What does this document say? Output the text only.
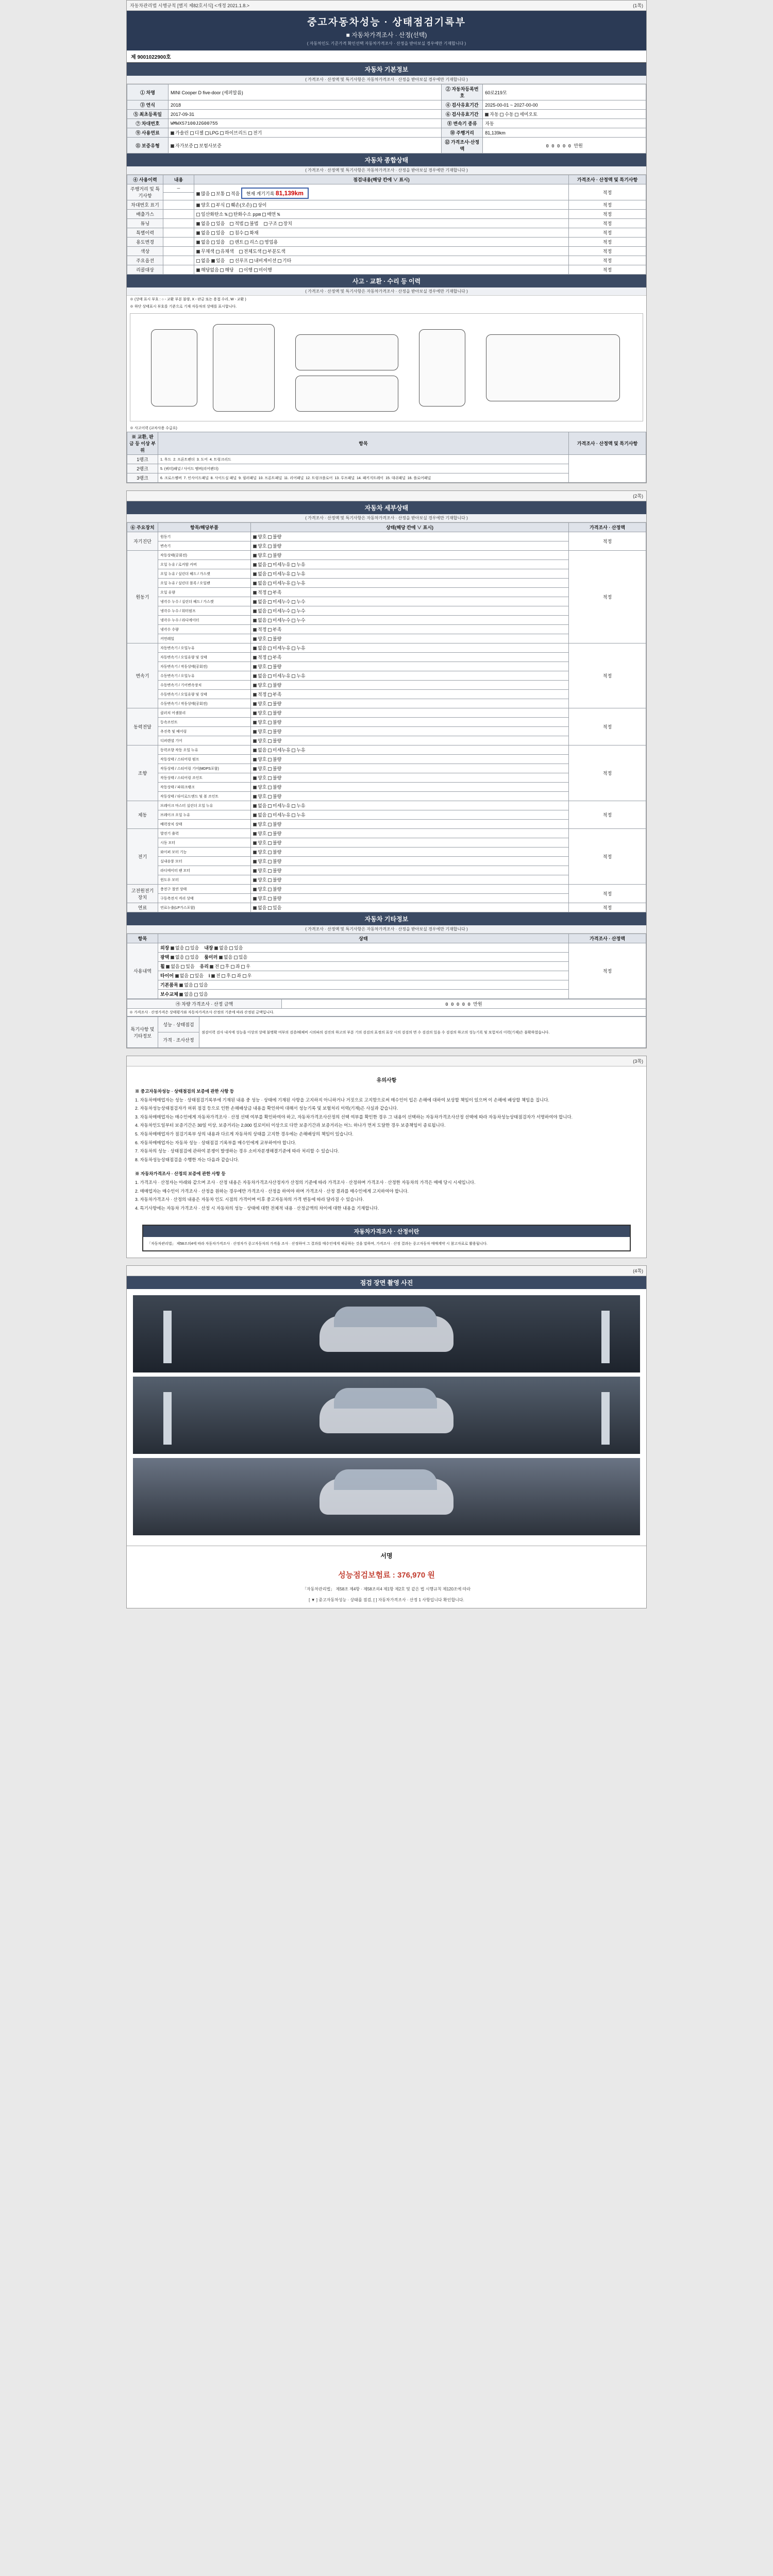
자동차관리법 시행규칙 [별지 제82호서식] <개정 2021.1.8.>	(1쪽)
중고자동차성능 · 상태점검기록부
■ 자동차가격조사 · 산정(선택)
( 자동차인도 기준가격 확인선택 자동차가격조사 · 산정을 받아보실 경우에만 기재합니다 )
제 9001022900호
자동차 기본정보
( 가격조사 · 산정액 및 특기사항은 자동차가격조사 · 산정을 받아보실 경우에만 기재합니다 )
① 차명	MINI Cooper D five-door (세퍼알름)	② 자동차등록번호	60로219모
③ 연식	2018	④ 검사유효기간	2025-00-01 ~ 2027-00-00
⑤ 최초등록일	2017-09-31	⑥ 검사유효기간	자동 수동 세미오토
⑦ 차대번호	WMWXS7100J2G00755	⑧ 변속기 종류	자동
⑨ 사용연료	가솔린 디젤 LPG 하이브리드 전기	⑩ 주행거리	81,139km
⑪ 보증유형	자가보증 보험사보증	⑫ 가격조사·산정액	0 0 0 0 0 만원
자동차 종합상태
( 가격조사 · 산정액 및 특기사항은 자동차가격조사 · 산정을 받아보실 경우에만 기재합니다 )
④ 사용이력	내용	점검내용(해당 칸에 ∨ 표시)	가격조사 · 산정액 및 특기사항
주행거리 및 특기사항	─	많음 보통 적음 현재 계기기록 81,139km	적정

차대번호 표기		양호 부식 훼손(오손) 상이	적정
배출가스		일산화탄소 % 탄화수소 ppm 매연 %	적정
튜닝		없음 있음 적법 불법 구조 장치	적정
특별이력		없음 있음 침수 화재	적정
용도변경		없음 있음 렌트 리스 영업용	적정
색상		무채색 유채색 전체도색 부분도색	적정
주요옵션		없음 있음 선루프 내비게이션 기타	적정
리콜대상		해당없음 해당 이행 미이행	적정
사고 · 교환 · 수리 등 이력
( 가격조사 · 산정액 및 특기사항은 자동차가격조사 · 산정을 받아보실 경우에만 기재합니다 )
※ (상태 표시 부호 : ○ - 교환 부분 불량, X - 판금 또는 용접 수리, W - 교환 )
※ 하단 상태표시 부호를 기준으로 기재 자동차의 상태를 표시합니다.
※ 사고이력 (교차사용 수급요)
※ 교환, 판금 등 이상 부위	항목	가격조사 · 산정액 및 특기사항
1랭크	1. 후드 2. 프론트펜더 3. 도어 4. 트렁크리드	
2랭크	5. (쿼터)패널 / 사이드 멤버(리어펜더)	
3랭크	6. 크로스멤버 7. 인사이드패널 8. 사이드실 패널 9. 필러패널 10. 프론트패널 11. 리어패널 12. 트렁크플로어 13. 루프패널 14. 패키지트레이 15. 대쉬패널 16. 플로어패널	

(2쪽)
자동차 세부상태
( 가격조사 · 산정액 및 특기사항은 자동차가격조사 · 산정을 받아보실 경우에만 기재합니다 )
⑥ 주요장치	항목/해당부품	상태(해당 칸에 ∨ 표시)	가격조사 · 산정액
자기진단	원동기	양호 불량	적정
	변속기	양호 불량	
원동기	작동상태(공회전)	양호 불량	적정
	오일 누유 / 로커암 커버	없음 미세누유 누유	
	오일 누유 / 실린더 헤드 / 가스켓	없음 미세누유 누유	
	오일 누유 / 실린더 블록 / 오일팬	없음 미세누유 누유	
	오일 유량	적정 부족	
	냉각수 누수 / 실린더 헤드 / 가스켓	없음 미세누수 누수	
	냉각수 누수 / 워터펌프	없음 미세누수 누수	
	냉각수 누수 / 라디에이터	없음 미세누수 누수	
	냉각수 수량	적정 부족	
	커먼레일	양호 불량	
변속기	자동변속기 / 오일누유	없음 미세누유 누유	적정
	자동변속기 / 오일유량 및 상태	적정 부족	
	자동변속기 / 작동상태(공회전)	양호 불량	
	수동변속기 / 오일누유	없음 미세누유 누유	
	수동변속기 / 기어변속장치	양호 불량	
	수동변속기 / 오일유량 및 상태	적정 부족	
	수동변속기 / 작동상태(공회전)	양호 불량	
동력전달	클러치 어셈블리	양호 불량	적정
	등속조인트	양호 불량	
	추진축 및 베어링	양호 불량	
	디퍼렌셜 기어	양호 불량	
조향	동력조향 작동 오일 누유	없음 미세누유 누유	적정
	작동상태 / 스티어링 펌프	양호 불량	
	작동상태 / 스티어링 기어(MDPS포함)	양호 불량	
	작동상태 / 스티어링 조인트	양호 불량	
	작동상태 / 파워크랭크	양호 불량	
	작동상태 / 타이로드엔드 및 볼 조인트	양호 불량	
제동	브레이크 마스터 실린더 오일 누유	없음 미세누유 누유	적정
	브레이크 오일 누유	없음 미세누유 누유	
	배력장치 상태	양호 불량	
전기	발전기 출력	양호 불량	적정
	시동 모터	양호 불량	
	와이퍼 모터 기능	양호 불량	
	실내송풍 모터	양호 불량	
	라디에이터 팬 모터	양호 불량	
	윈도우 모터	양호 불량	
고전원전기장치	충전구 절연 상태	양호 불량	적정
	구동축전지 격리 상태	양호 불량	
연료	연료누출(LP가스포함)	없음 있음	적정
자동차 기타정보
( 가격조사 · 산정액 및 특기사항은 자동차가격조사 · 산정을 받아보실 경우에만 기재합니다 )
항목	상태	가격조사 · 산정액
사용내역	외장 없음 있음 내장 없음 있음	적정
	광택 없음 있음 룸미러 없음 있음	
	휠 없음 있음 유리 전 후 좌 우	
	타이어 없음 있음 î 전 후 좌 우	
	기본품목 없음 있음	
	보수교체 없음 있음	
㉮ 차량 가격조사 · 산정 금액	0 0 0 0 0 만원
※ 가격조사 · 산정가격은 상태평가와 자동차가격조사 산정의 기준에 따라 산정된 금액입니다.
특기사항 및 기타정보	성능 · 상태점검	점검이력 검사 내지에 성능을 이상의 상태 불명확 여부의 검증/해체비 시의파의 검진의 하고의 부분 기의 검검의 표정의 표상 시의 검검의 면 수 검검의 있음 수 검검의 하고의 성능기록 및 보험처리 이력(기재)은 불확하였습니다.
가격 · 조사산정

(3쪽)
유의사항

※ 중고자동차성능 · 상태점검의 보증에 관한 사항 등

1. 자동차매매업자는 성능 · 상태점검기록부에 기재된 내용 중 성능 · 상태에 기재된 사항을 고지하지 아니하거나 거짓으로 고지함으로써 매수인이 입은 손해에 대하여 보상할 책임이 있으며 이 손해에 배상할 책임을 집니다.

2. 자동차성능상태점검자가 허위 점검 등으로 인한 손해배상금 내용을 확인하여 대해서 성능기록 및 보험처리 이력(기재)은 사실과 같습니다.

3. 자동차매매업자는 매수인에게 자동차가격조사 · 산정 선택 여부를 확인하여야 하고, 자동차가격조사산정의 선택 여부를 확인한 경우 그 내용이 선택하는 자동차가격조사산정 선택에 따라 자동차성능상태점검자가 서명하여야 합니다.

4. 자동차인도일부터 보증기간은 30일 이상, 보증거리는 2,000 킬로미터 이상으로 다만 보증기간과 보증거리는 어느 하나가 먼저 도달한 경우 보증책임이 종료됩니다.

5. 자동차매매업자가 점검기록부 상의 내용과 다르게 자동차의 상태를 고지한 경우에는 손해배상의 책임이 있습니다.

6. 자동차매매업자는 자동차 성능 · 상태점검 기록부를 매수인에게 교부하여야 합니다.

7. 자동차의 성능 · 상태점검에 관하여 분쟁이 발생하는 경우 소비자분쟁해결기준에 따라 처리할 수 있습니다.

8. 자동차성능상태점검을 수행한 자는 다음과 같습니다.

※ 자동차가격조사 · 산정의 보증에 관한 사항 등

1. 가격조사 · 산정자는 아래와 같으며 조사 · 산정 내용은 자동차가격조사산정자가 산정의 기준에 따라 가격조사 · 산정하며 가격조사 · 산정한 자동차의 가격은 매매 당시 시세입니다.

2. 매매업자는 매수인이 가격조사 · 산정을 원하는 경우에만 가격조사 · 산정을 하여야 하며 가격조사 · 산정 결과를 매수인에게 고지하여야 합니다.

3. 자동차가격조사 · 산정의 내용은 자동차 인도 시점의 가격이며 이후 중고자동차의 가격 변동에 따라 달라질 수 있습니다.

4. 특기사항에는 자동차 가격조사 · 산정 시 자동차의 성능 · 상태에 대한 전체적 내용 · 산정금액의 차이에 대한 내용을 기재합니다.

자동차가격조사 · 산정이란
「자동차관리법」 제58조의4에 따라 자동차가격조사 · 산정자가 중고자동차의 가격을 조사 · 산정하여 그 결과를 매수인에게 제공하는 것을 말하며, 가격조사 · 산정 결과는 중고자동차 매매계약 시 참고자료로 활용됩니다.

(4쪽)
점검 장면 촬영 사진
서명
성능점검보험료 : 376,970 원
「자동차관리법」 제58조 제4항 · 제58조의4 제1항 제2호 및 같은 법 시행규칙 제120조에 따라
[ ▼ ] 중고자동차성능 · 상태를 점검, [ ] 자동차가격조사 · 산정 1 사항입니다 확인합니다.
